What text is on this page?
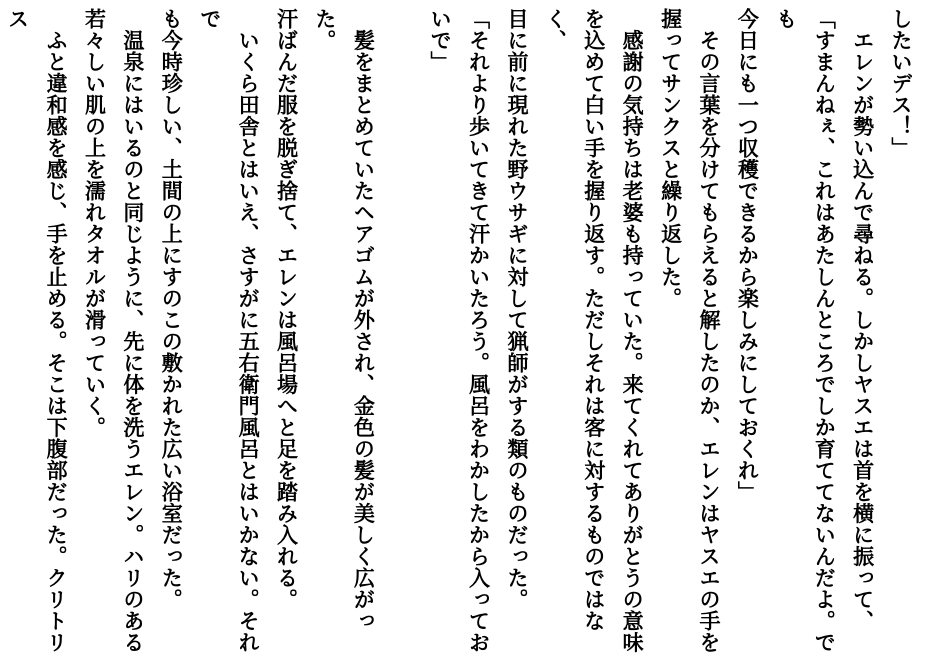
したいデス！」

　エレンが勢い込んで尋ねる。しかしヤスエは首を横に振って、

「すまんねぇ、これはあたしんところでしか育ててないんだよ。でも

今日にも一つ収穫できるから楽しみにしておくれ」

　その言葉を分けてもらえると解したのか、エレンはヤスエの手を

握ってサンクスと繰り返した。

　感謝の気持ちは老婆も持っていた。来てくれてありがとうの意味

を込めて白い手を握り返す。ただしそれは客に対するものではなく、

目に前に現れた野ウサギに対して猟師がする類のものだった。

「それより歩いてきて汗かいたろう。風呂をわかしたから入ってお

いで」

　髪をまとめていたヘアゴムが外され、金色の髪が美しく広がった。

汗ばんだ服を脱ぎ捨て、エレンは風呂場へと足を踏み入れる。

　いくら田舎とはいえ、さすがに五右衛門風呂とはいかない。それで

も今時珍しい、土間の上にすのこの敷かれた広い浴室だった。

　温泉にはいるのと同じように、先に体を洗うエレン。ハリのある

若々しい肌の上を濡れタオルが滑っていく。

　ふと違和感を感じ、手を止める。そこは下腹部だった。クリトリス
